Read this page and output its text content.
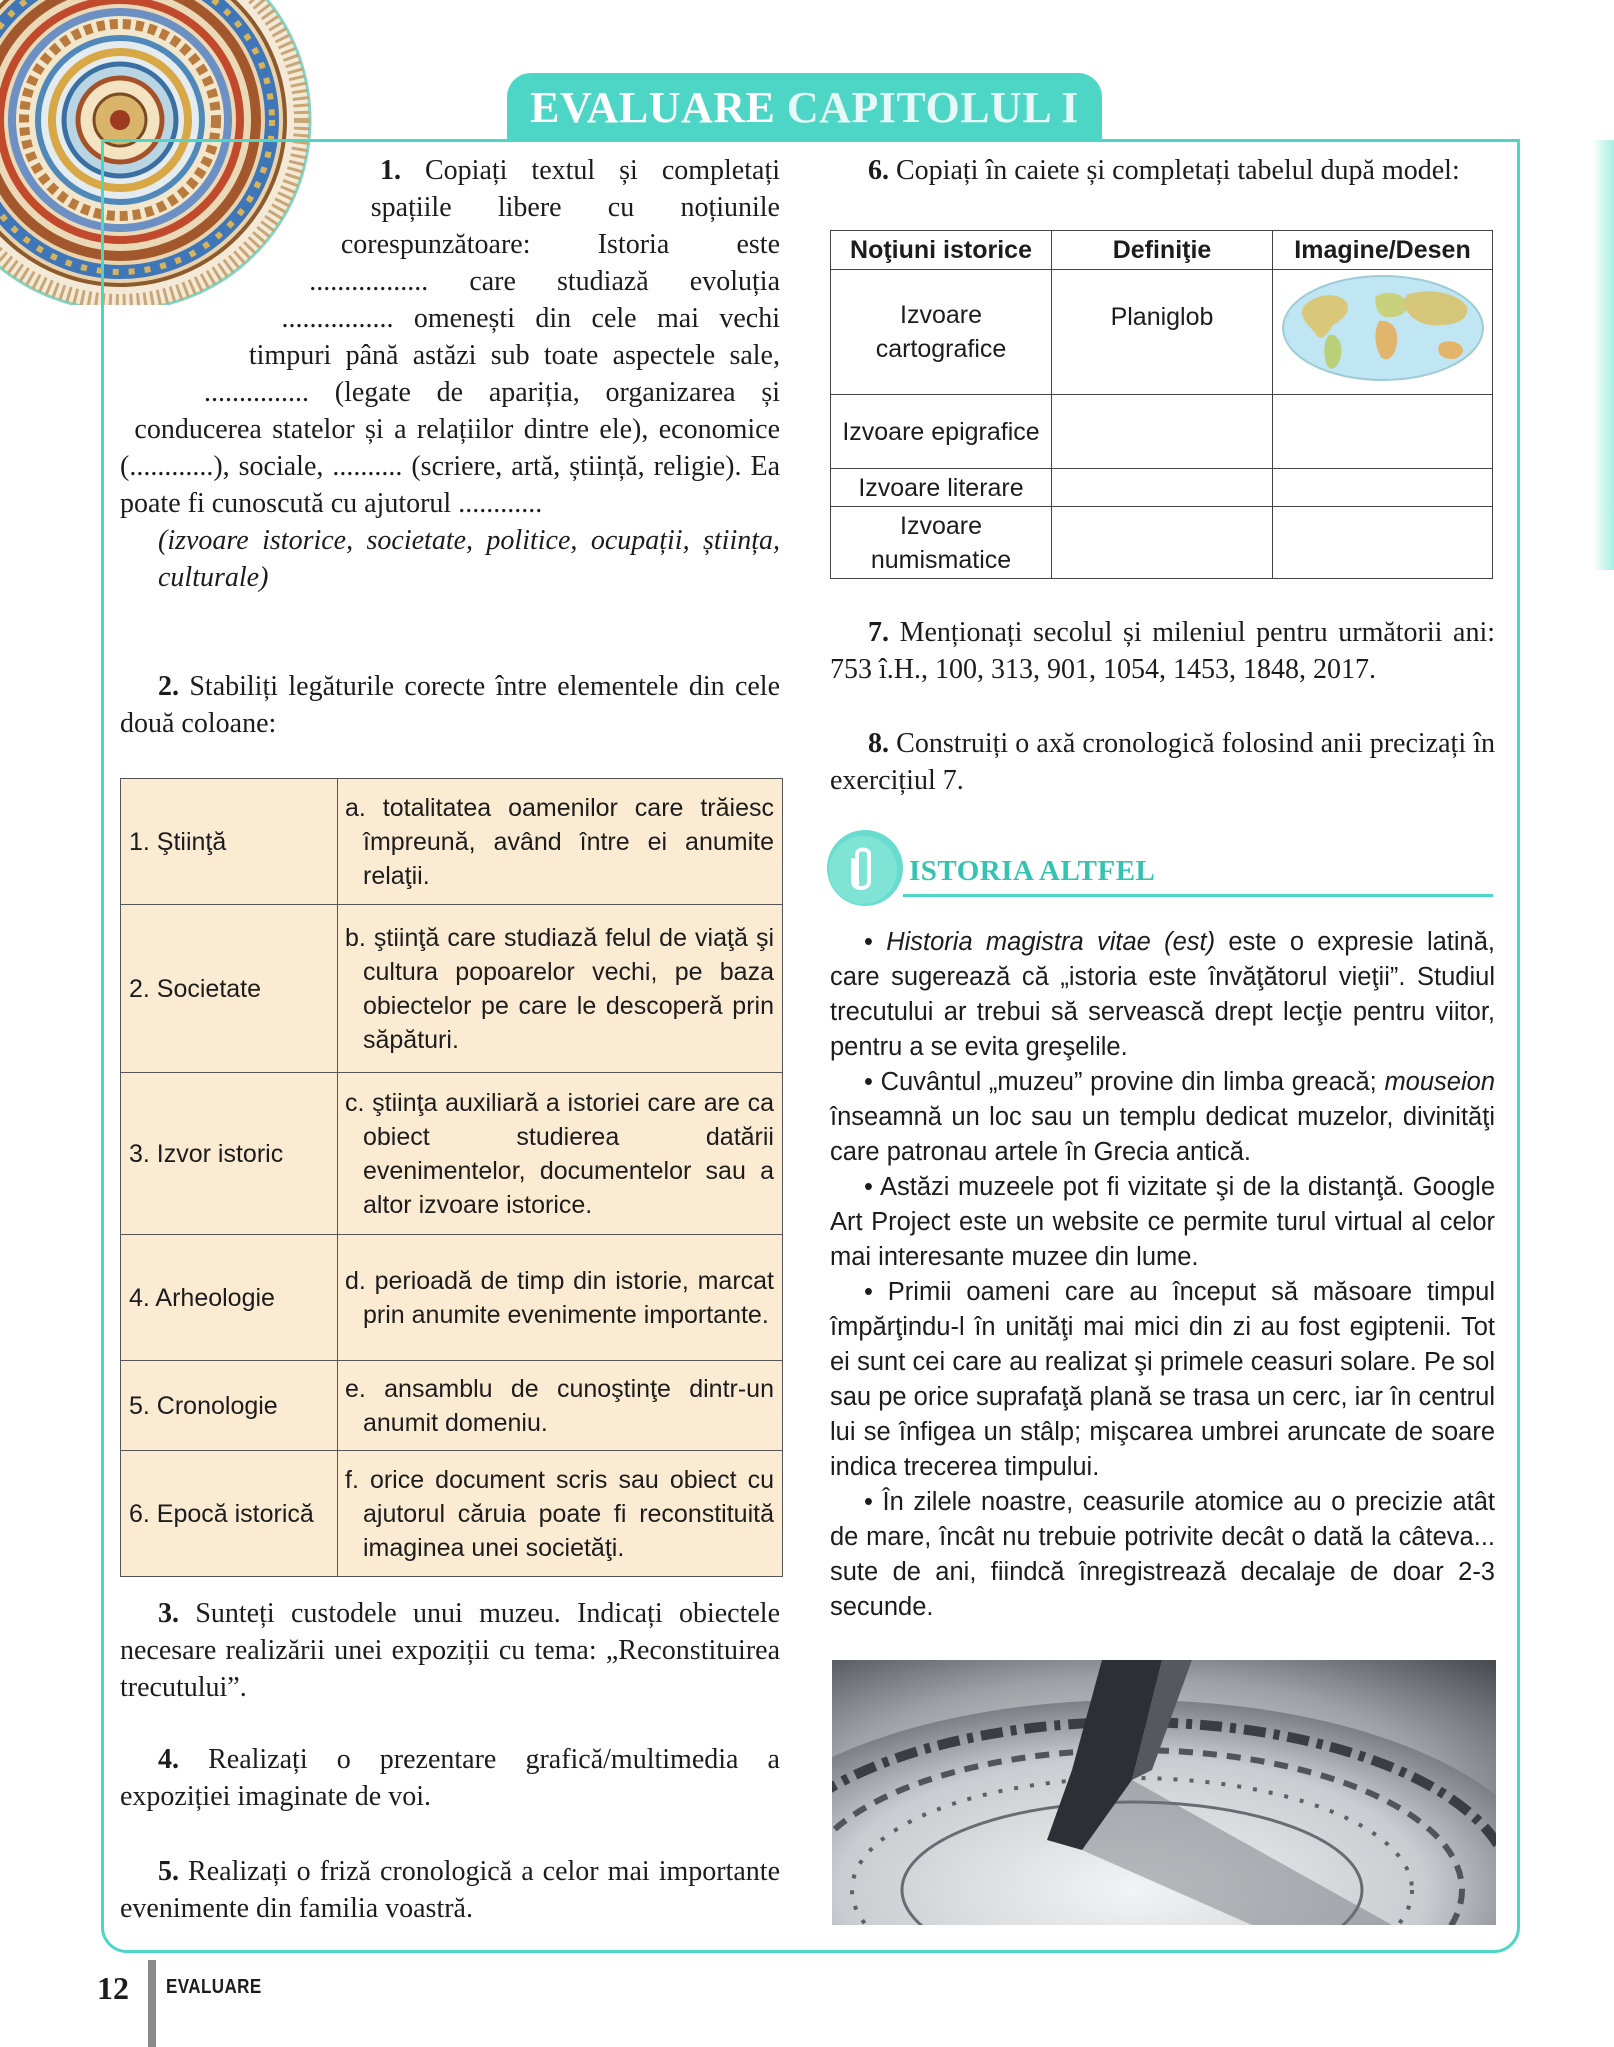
EVALUARE CAPITOLUL I
1. Copiați textul și completați spațiile libere cu noțiunile corespunzătoare: Istoria este ................. care studiază evoluția ................ omenești din cele mai vechi timpuri până astăzi sub toate aspectele sale, ............... (legate de apariția, organizarea și conducerea statelor și a relațiilor dintre ele), economice (............), sociale, .......... (scriere, artă, știință, religie). Ea poate fi cunoscută cu ajutorul ............

(izvoare istorice, societate, politice, ocupații, știința, culturale)
2. Stabiliți legăturile corecte între elementele din cele două coloane:
1. Ştiinţă	a. totalitatea oamenilor care trăiesc împreună, având între ei anumite relaţii.
2. Societate	b. ştiinţă care studiază felul de viaţă şi cultura popoarelor vechi, pe baza obiectelor pe care le descoperă prin săpături.
3. Izvor istoric	c. ştiinţa auxiliară a istoriei care are ca obiect studierea datării evenimentelor, documentelor sau a altor izvoare istorice.
4. Arheologie	d. perioadă de timp din istorie, marcat prin anumite evenimente importante.
5. Cronologie	e. ansamblu de cunoştinţe dintr-un anumit domeniu.
6. Epocă istorică	f. orice document scris sau obiect cu ajutorul căruia poate fi reconstituită imaginea unei societăţi.
3. Sunteți custodele unui muzeu. Indicați obiectele necesare realizării unei expoziții cu tema: „Reconstituirea trecutului”.
4. Realizați o prezentare grafică/multimedia a expoziției imaginate de voi.
5. Realizați o friză cronologică a celor mai importante evenimente din familia voastră.
6. Copiați în caiete și completați tabelul după model:
Noţiuni istorice	Definiţie	Imagine/Desen
Izvoare cartografice	Planiglob	
Izvoare epigrafice		
Izvoare literare		
Izvoare numismatice		
7. Menționați secolul și mileniul pentru următorii ani: 753 î.H., 100, 313, 901, 1054, 1453, 1848, 2017.
8. Construiți o axă cronologică folosind anii precizați în exercițiul 7.
ISTORIA ALTFEL

• Historia magistra vitae (est) este o expresie latină, care sugerează că „istoria este învăţătorul vieţii”. Studiul trecutului ar trebui să servească drept lecţie pentru viitor, pentru a se evita greşelile.

• Cuvântul „muzeu” provine din limba greacă; mouseion înseamnă un loc sau un templu dedicat muzelor, divinităţi care patronau artele în Grecia antică.

• Astăzi muzeele pot fi vizitate şi de la distanţă. Google Art Project este un website ce permite turul virtual al celor mai interesante muzee din lume.

• Primii oameni care au început să măsoare timpul împărţindu-l în unităţi mai mici din zi au fost egiptenii. Tot ei sunt cei care au realizat şi primele ceasuri solare. Pe sol sau pe orice suprafaţă plană se trasa un cerc, iar în centrul lui se înfigea un stâlp; mişcarea umbrei aruncate de soare indica trecerea timpului.

• În zilele noastre, ceasurile atomice au o precizie atât de mare, încât nu trebuie potrivite decât o dată la câteva... sute de ani, fiindcă înregistrează decalaje de doar 2-3 secunde.

12 EVALUARE
